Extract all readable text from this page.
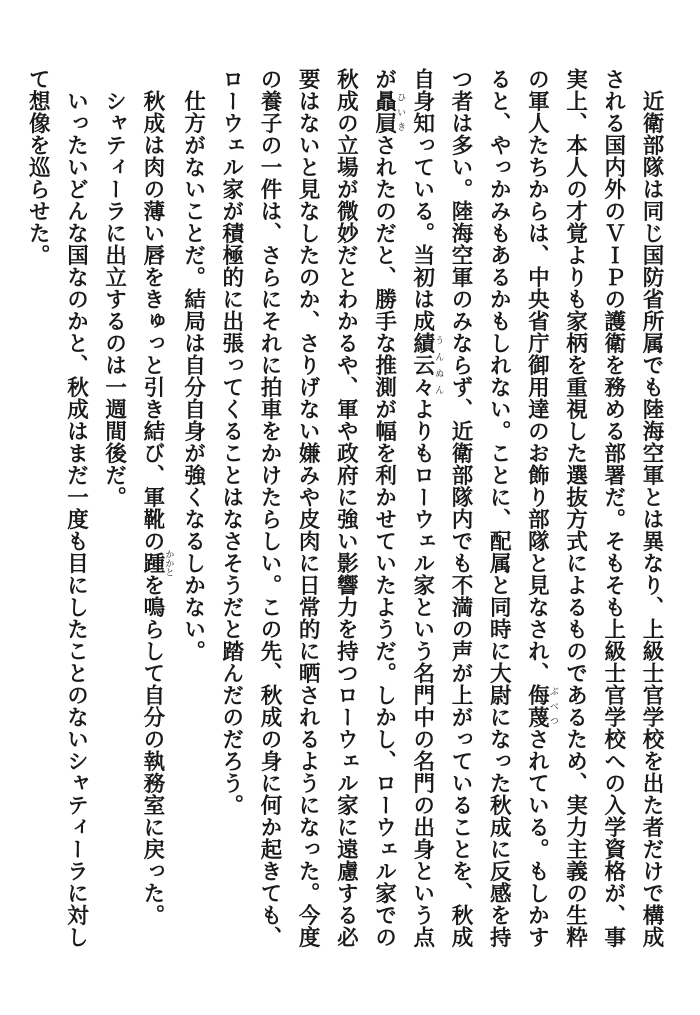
近衛部隊は同じ国防省所属でも陸海空軍とは異なり、上級士官学校を出た者だけで構成される国内外のＶＩＰの護衛を務める部署だ。そもそも上級士官学校への入学資格が、事実上、本人の才覚よりも家柄を重視した選抜方式によるものであるため、実力主義の生粋の軍人たちからは、中央省庁御用達のお飾り部隊と見なされ、侮蔑ぶべつされている。もしかすると、やっかみもあるかもしれない。ことに、配属と同時に大尉になった秋成に反感を持つ者は多い。陸海空軍のみならず、近衛部隊内でも不満の声が上がっていることを、秋成自身知っている。当初は成績云々うんぬんよりもローウェル家という名門中の名門の出身という点が贔屓ひいきされたのだと、勝手な推測が幅を利かせていたようだ。しかし、ローウェル家での秋成の立場が微妙だとわかるや、軍や政府に強い影響力を持つローウェル家に遠慮する必要はないと見なしたのか、さりげない嫌みや皮肉に日常的に晒されるようになった。今度の養子の一件は、さらにそれに拍車をかけたらしい。この先、秋成の身に何か起きても、ローウェル家が積極的に出張ってくることはなさそうだと踏んだのだろう。

仕方がないことだ。結局は自分自身が強くなるしかない。

秋成は肉の薄い唇をきゅっと引き結び、軍靴の踵かかとを鳴らして自分の執務室に戻った。

シャティーラに出立するのは一週間後だ。

いったいどんな国なのかと、秋成はまだ一度も目にしたことのないシャティーラに対して想像を巡らせた。
